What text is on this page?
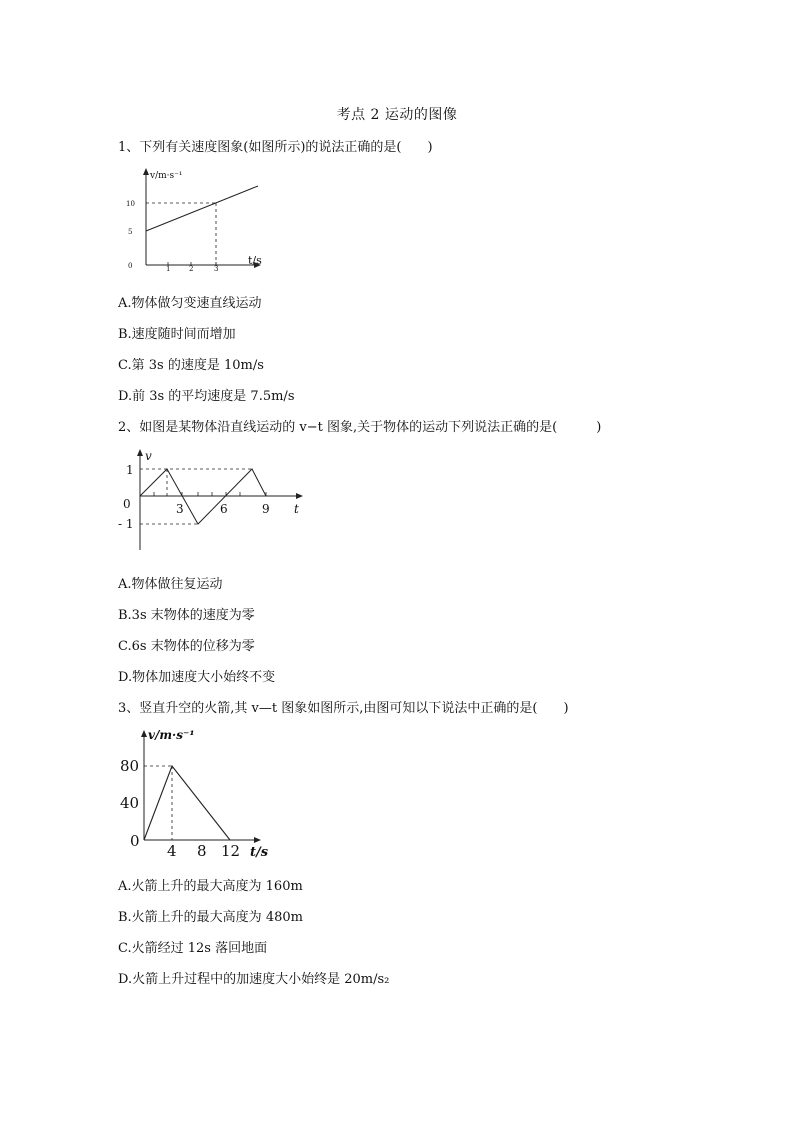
考点 2 运动的图像
1、下列有关速度图象(如图所示)的说法正确的是(　　)
v/m·s⁻¹
t/s
10
5
0	1	2	3
A.物体做匀变速直线运动
B.速度随时间而增加
C.第 3s 的速度是 10m/s
D.前 3s 的平均速度是 7.5m/s
2、如图是某物体沿直线运动的 v−t 图象,关于物体的运动下列说法正确的是(　　　)
v
t
1
0
- 1
3	6	9
A.物体做往复运动
B.3s 末物体的速度为零
C.6s 末物体的位移为零
D.物体加速度大小始终不变
3、竖直升空的火箭,其 v—t 图象如图所示,由图可知以下说法中正确的是(　　)
v/m·s⁻¹
t/s
80
40
0
4 8 12
A.火箭上升的最大高度为 160m
B.火箭上升的最大高度为 480m
C.火箭经过 12s 落回地面
D.火箭上升过程中的加速度大小始终是 20m/s₂
